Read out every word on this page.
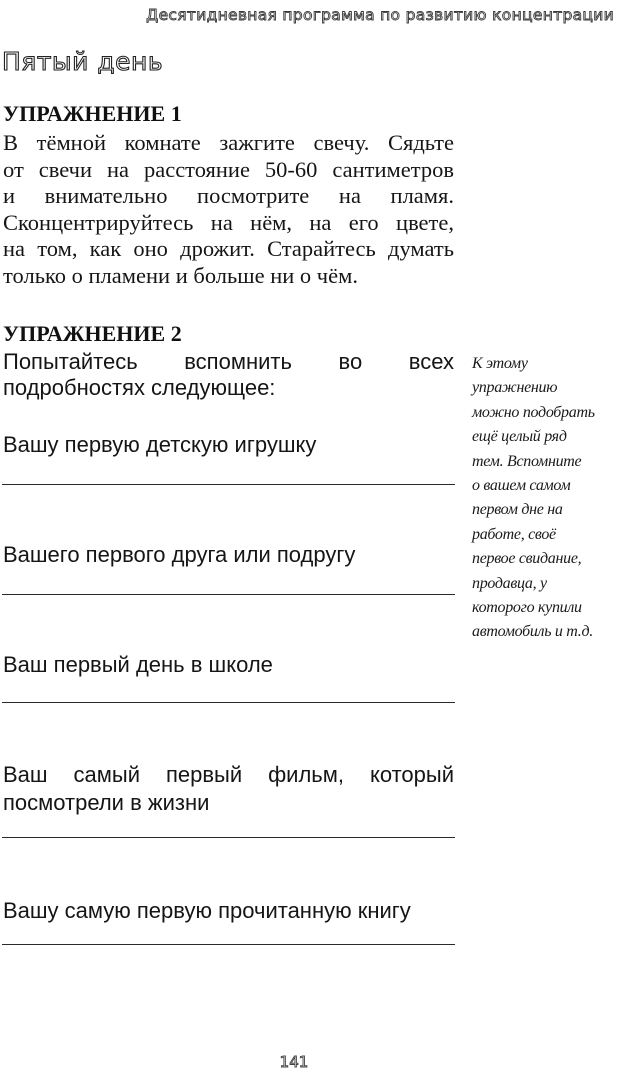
Десятидневная программа по развитию концентрации
Пятый день
УПРАЖНЕНИЕ 1
В тёмной комнате зажгите свечу. Сядьте
от свечи на расстояние 50-60 сантиметров
и внимательно посмотрите на пламя.
Сконцентрируйтесь на нём, на его цвете,
на том, как оно дрожит. Старайтесь думать
только о пламени и больше ни о чём.
УПРАЖНЕНИЕ 2
Попытайтесь вспомнить во всех
подробностях следующее:
Вашу первую детскую игрушку
Вашего первого друга или подругу
Ваш первый день в школе
Ваш самый первый фильм, который
посмотрели в жизни
Вашу самую первую прочитанную книгу
К этому
упражнению
можно подобрать
ещё целый ряд
тем. Вспомните
о вашем самом
первом дне на
работе, своё
первое свидание,
продавца, у
которого купили
автомобиль и т.д.
141
